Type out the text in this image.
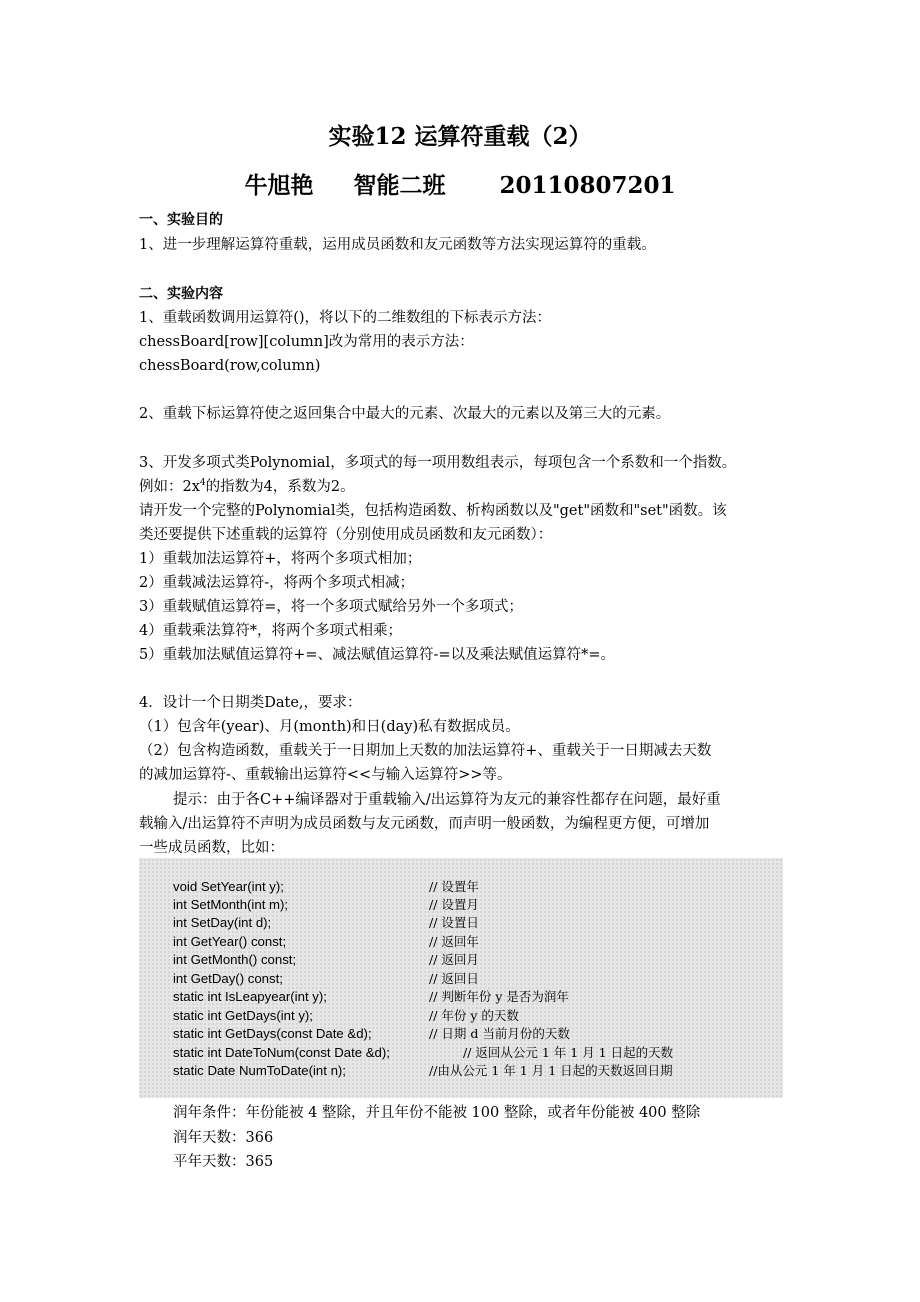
实验12 运算符重载（2）
牛旭艳 智能二班 20110807201
一、实验目的
1、进一步理解运算符重载，运用成员函数和友元函数等方法实现运算符的重载。
二、实验内容
1、重载函数调用运算符()，将以下的二维数组的下标表示方法：
chessBoard[row][column]改为常用的表示方法：
chessBoard(row,column)
2、重载下标运算符使之返回集合中最大的元素、次最大的元素以及第三大的元素。
3、开发多项式类Polynomial，多项式的每一项用数组表示，每项包含一个系数和一个指数。
例如：$2x^4$的指数为4，系数为2。
请开发一个完整的Polynomial类，包括构造函数、析构函数以及"get"函数和"set"函数。该
类还要提供下述重载的运算符（分别使用成员函数和友元函数）：
1）重载加法运算符+，将两个多项式相加；
2）重载减法运算符-，将两个多项式相减；
3）重载赋值运算符=，将一个多项式赋给另外一个多项式；
4）重载乘法算符*，将两个多项式相乘；
5）重载加法赋值运算符+=、减法赋值运算符-=以及乘法赋值运算符*=。
4．设计一个日期类Date,，要求：
（1）包含年(year)、月(month)和日(day)私有数据成员。
（2）包含构造函数，重载关于一日期加上天数的加法运算符+、重载关于一日期减去天数
的减加运算符-、重载输出运算符<<与输入运算符>>等。
提示：由于各C++编译器对于重载输入/出运算符为友元的兼容性都存在问题，最好重
载输入/出运算符不声明为成员函数与友元函数，而声明一般函数，为编程更方便，可增加
一些成员函数，比如：
void SetYear(int y);	// 设置年
int SetMonth(int m);	// 设置月
int SetDay(int d);	// 设置日
int GetYear() const;	// 返回年
int GetMonth() const;	// 返回月
int GetDay() const;	// 返回日
static int IsLeapyear(int y);	// 判断年份 y 是否为润年
static int GetDays(int y);	// 年份 y 的天数
static int GetDays(const Date &d);	// 日期 d 当前月份的天数
static int DateToNum(const Date &d);	// 返回从公元 1 年 1 月 1 日起的天数
static Date NumToDate(int n);	//由从公元 1 年 1 月 1 日起的天数返回日期
润年条件：年份能被 4 整除，并且年份不能被 100 整除，或者年份能被 400 整除
润年天数：366
平年天数：365
